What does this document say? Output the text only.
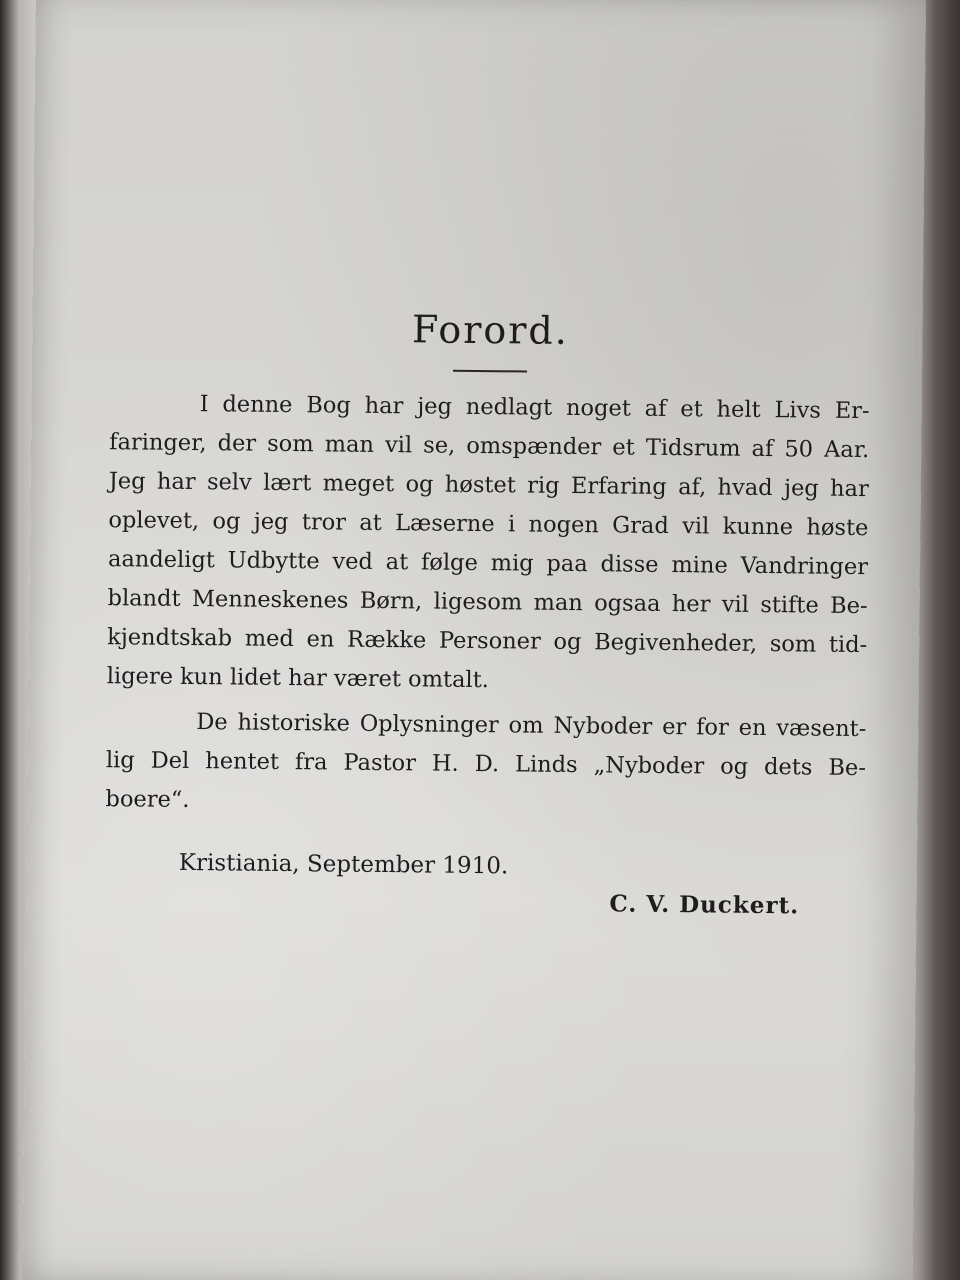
Forord.
I denne Bog har jeg nedlagt noget af et helt Livs Er-
faringer, der som man vil se, omspænder et Tidsrum af 50 Aar.
Jeg har selv lært meget og høstet rig Erfaring af, hvad jeg har
oplevet, og jeg tror at Læserne i nogen Grad vil kunne høste
aandeligt Udbytte ved at følge mig paa disse mine Vandringer
blandt Menneskenes Børn, ligesom man ogsaa her vil stifte Be-
kjendtskab med en Række Personer og Begivenheder, som tid-
ligere kun lidet har været omtalt.
De historiske Oplysninger om Nyboder er for en væsent-
lig Del hentet fra Pastor H. D. Linds „Nyboder og dets Be-
boere“.
Kristiania, September 1910.
C. V. Duckert.
